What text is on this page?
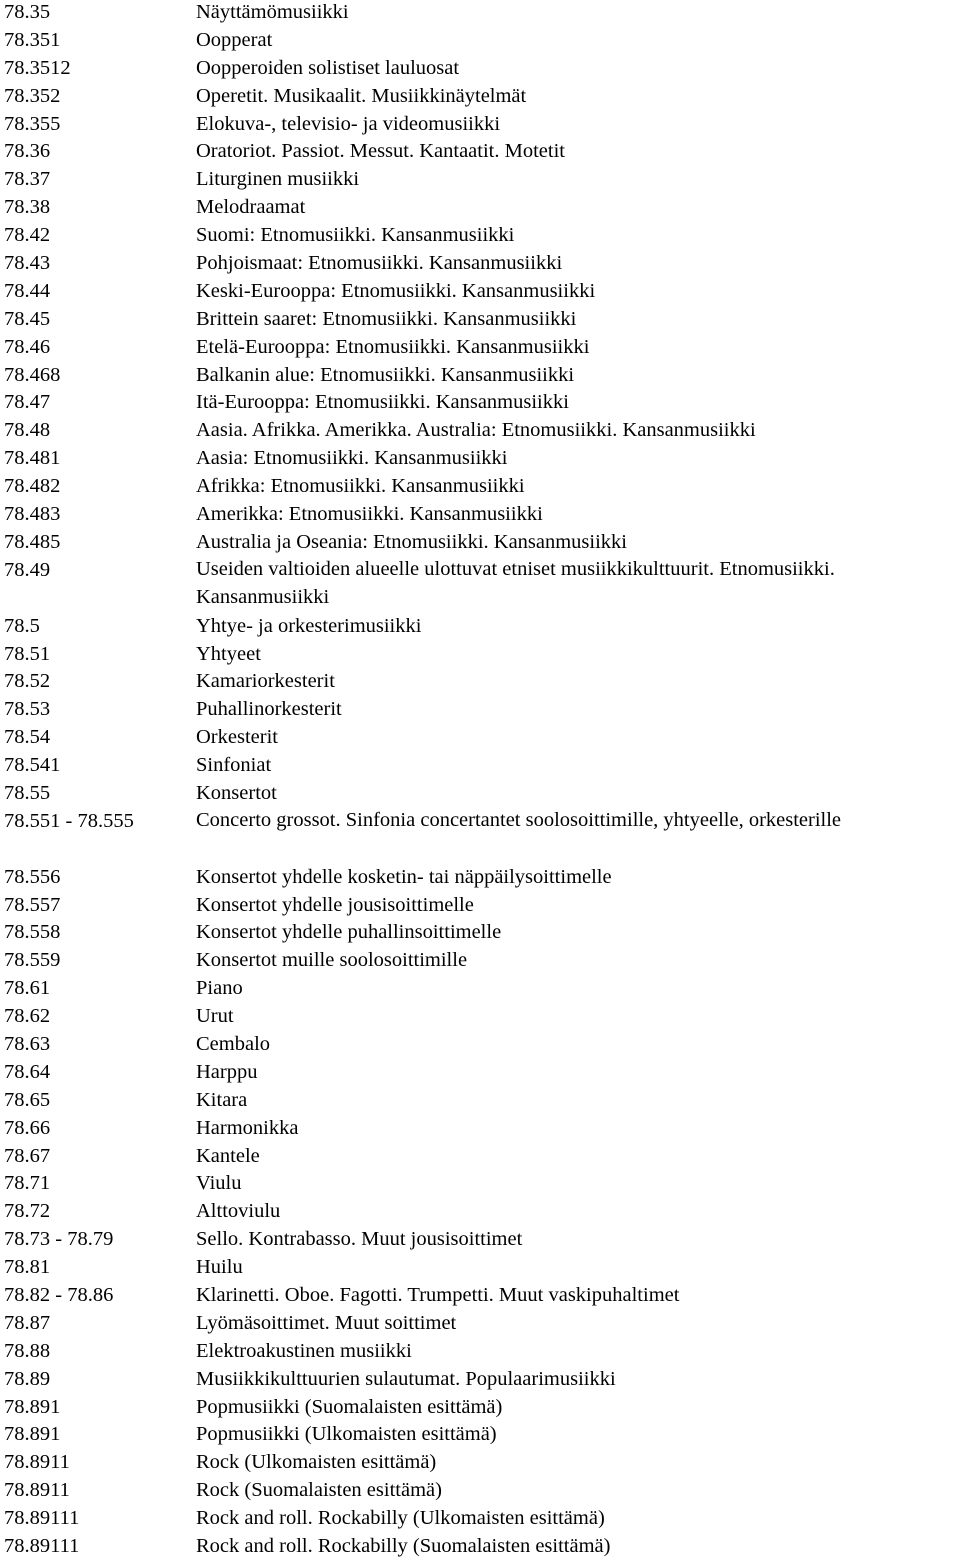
78.35	Näyttämömusiikki
78.351	Oopperat
78.3512	Oopperoiden solistiset lauluosat
78.352	Operetit. Musikaalit. Musiikkinäytelmät
78.355	Elokuva-, televisio- ja videomusiikki
78.36	Oratoriot. Passiot. Messut. Kantaatit. Motetit
78.37	Liturginen musiikki
78.38	Melodraamat
78.42	Suomi: Etnomusiikki. Kansanmusiikki
78.43	Pohjoismaat: Etnomusiikki. Kansanmusiikki
78.44	Keski-Eurooppa: Etnomusiikki. Kansanmusiikki
78.45	Brittein saaret: Etnomusiikki. Kansanmusiikki
78.46	Etelä-Eurooppa: Etnomusiikki. Kansanmusiikki
78.468	Balkanin alue: Etnomusiikki. Kansanmusiikki
78.47	Itä-Eurooppa: Etnomusiikki. Kansanmusiikki
78.48	Aasia. Afrikka. Amerikka. Australia: Etnomusiikki. Kansanmusiikki
78.481	Aasia: Etnomusiikki. Kansanmusiikki
78.482	Afrikka: Etnomusiikki. Kansanmusiikki
78.483	Amerikka: Etnomusiikki. Kansanmusiikki
78.485	Australia ja Oseania: Etnomusiikki. Kansanmusiikki
78.49	Useiden valtioiden alueelle ulottuvat etniset musiikkikulttuurit. Etnomusiikki. Kansanmusiikki
78.5	Yhtye- ja orkesterimusiikki
78.51	Yhtyeet
78.52	Kamariorkesterit
78.53	Puhallinorkesterit
78.54	Orkesterit
78.541	Sinfoniat
78.55	Konsertot
78.551 - 78.555	Concerto grossot. Sinfonia concertantet soolosoittimille, yhtyeelle, orkesterille
78.556	Konsertot yhdelle kosketin- tai näppäilysoittimelle
78.557	Konsertot yhdelle jousisoittimelle
78.558	Konsertot yhdelle puhallinsoittimelle
78.559	Konsertot muille soolosoittimille
78.61	Piano
78.62	Urut
78.63	Cembalo
78.64	Harppu
78.65	Kitara
78.66	Harmonikka
78.67	Kantele
78.71	Viulu
78.72	Alttoviulu
78.73 - 78.79	Sello. Kontrabasso. Muut jousisoittimet
78.81	Huilu
78.82 - 78.86	Klarinetti. Oboe. Fagotti. Trumpetti. Muut vaskipuhaltimet
78.87	Lyömäsoittimet. Muut soittimet
78.88	Elektroakustinen musiikki
78.89	Musiikkikulttuurien sulautumat. Populaarimusiikki
78.891	Popmusiikki (Suomalaisten esittämä)
78.891	Popmusiikki (Ulkomaisten esittämä)
78.8911	Rock (Ulkomaisten esittämä)
78.8911	Rock (Suomalaisten esittämä)
78.89111	Rock and roll. Rockabilly (Ulkomaisten esittämä)
78.89111	Rock and roll. Rockabilly (Suomalaisten esittämä)
